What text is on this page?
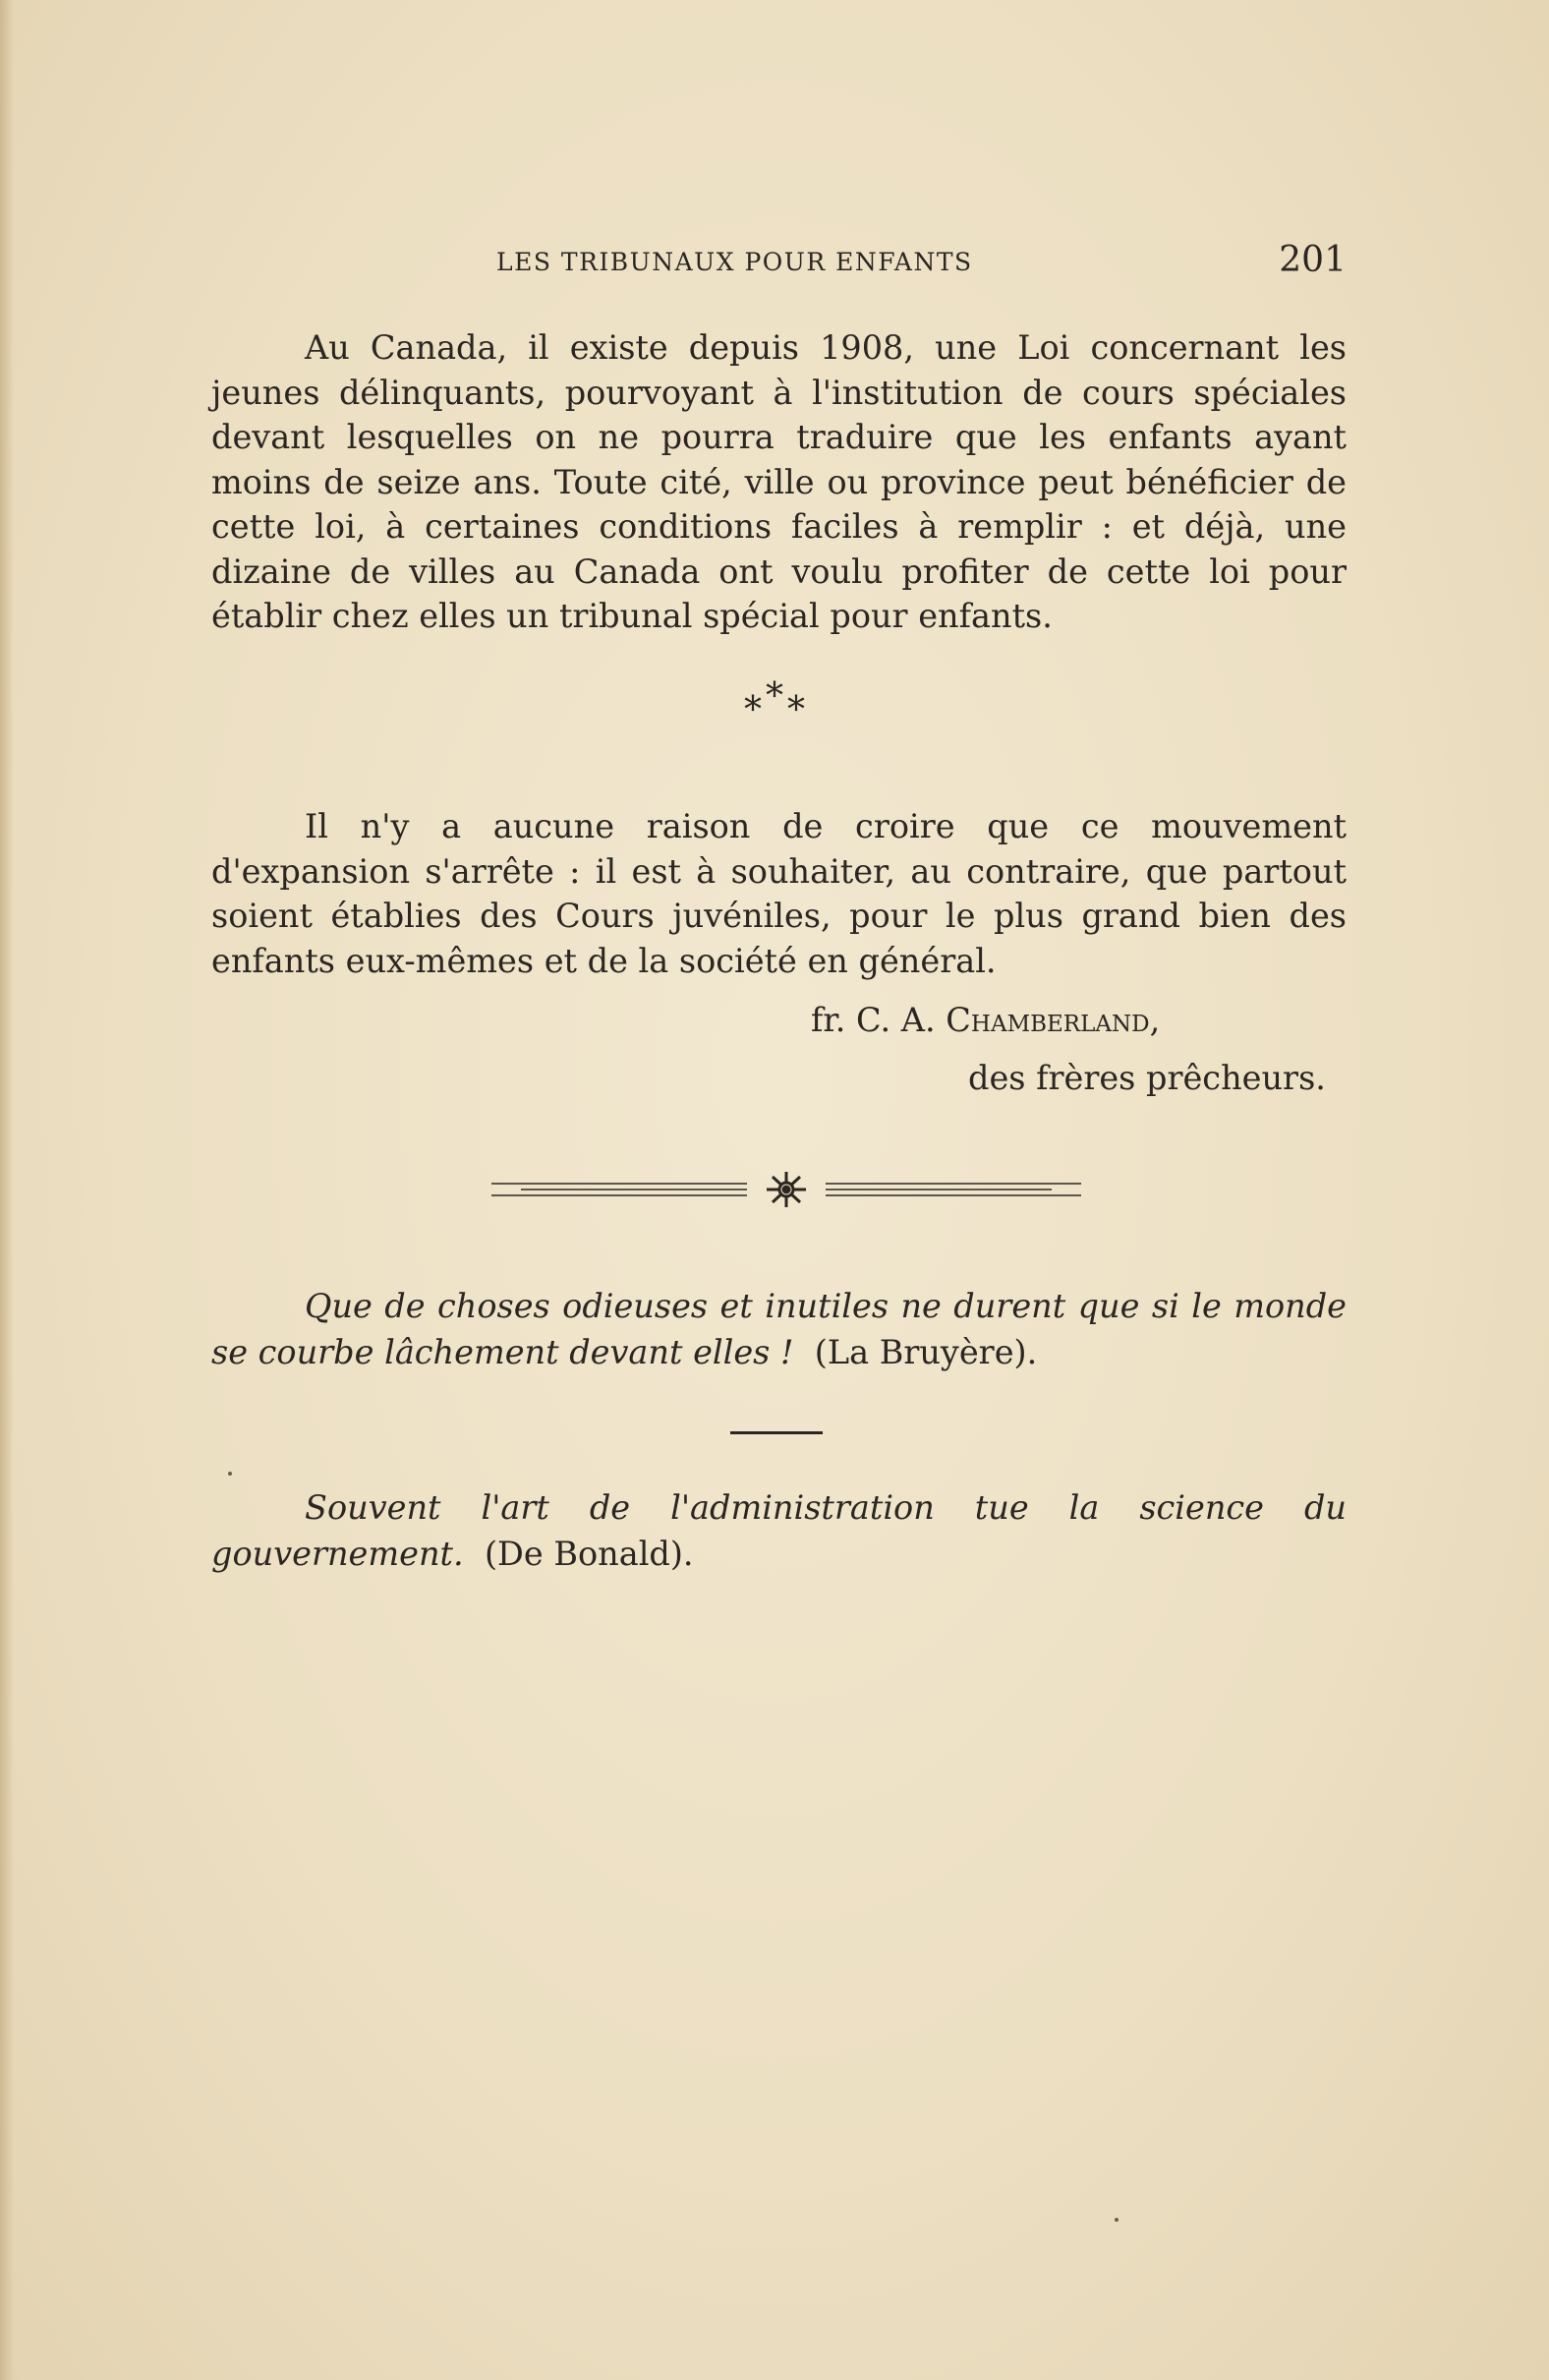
LES TRIBUNAUX POUR ENFANTS	201
Au Canada, il existe depuis 1908, une Loi concernant les jeunes délinquants, pourvoyant à l'institution de cours spéciales devant lesquelles on ne pourra traduire que les enfants ayant moins de seize ans. Toute cité, ville ou province peut bénéficier de cette loi, à certaines conditions faciles à remplir : et déjà, une dizaine de villes au Canada ont voulu profiter de cette loi pour établir chez elles un tribunal spécial pour enfants.
***
Il n'y a aucune raison de croire que ce mouvement d'expansion s'arrête : il est à souhaiter, au contraire, que partout soient établies des Cours juvéniles, pour le plus grand bien des enfants eux-mêmes et de la société en général.
fr. C. A. Chamberland,
des frères prêcheurs.
Que de choses odieuses et inutiles ne durent que si le monde se courbe lâchement devant elles ! (La Bruyère).
Souvent l'art de l'administration tue la science du gouvernement. (De Bonald).
